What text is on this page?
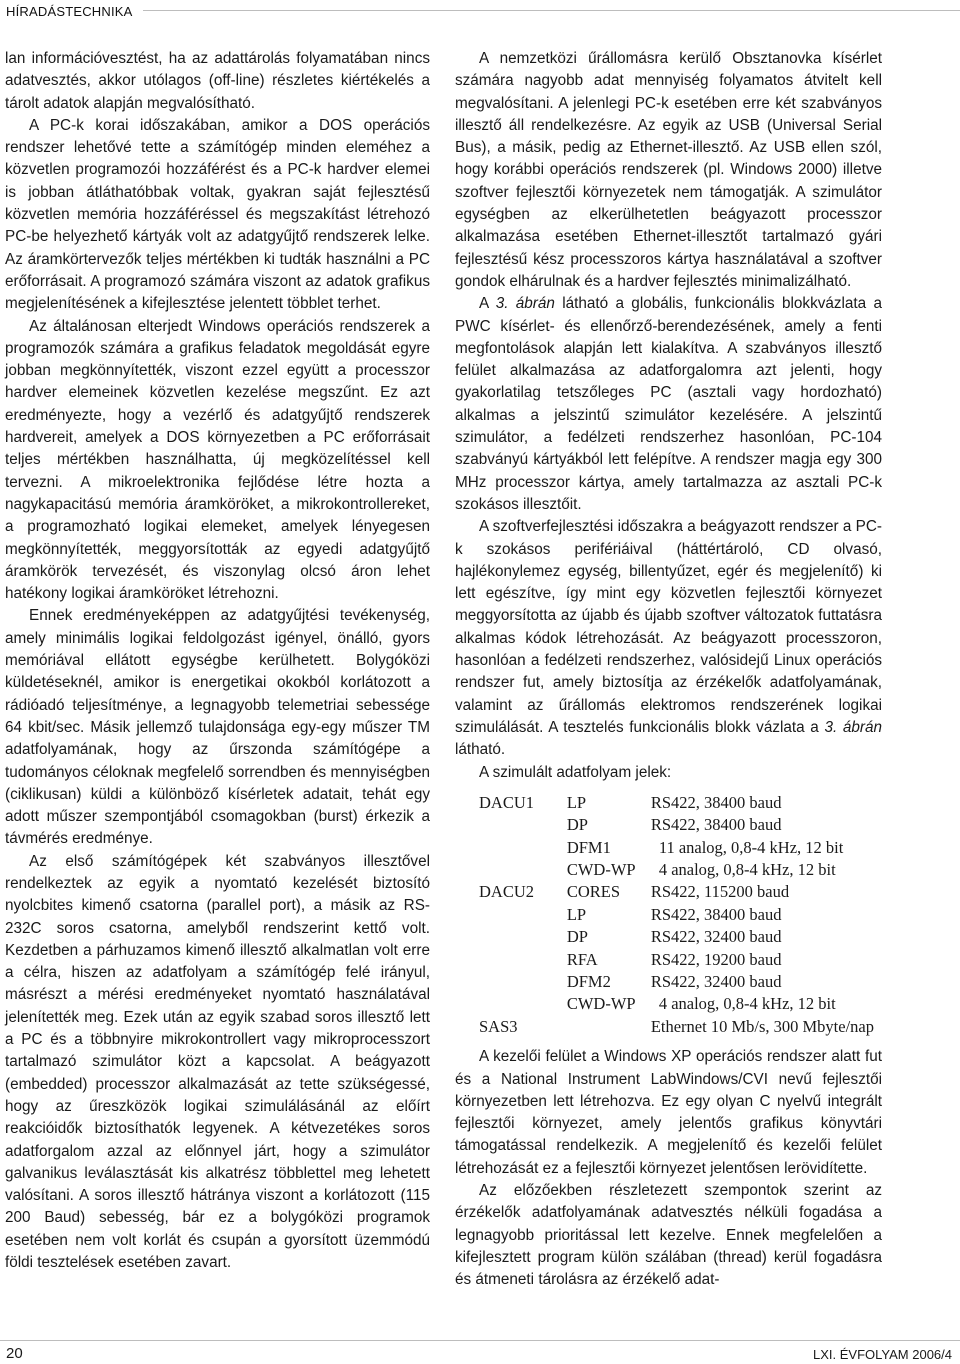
HÍRADÁSTECHNIKA

lan információvesztést, ha az adattárolás folyamatában nincs adatvesztés, akkor utólagos (off-line) részletes kiértékelés a tárolt adatok alapján megvalósítható.

A PC-k korai időszakában, amikor a DOS operációs rendszer lehetővé tette a számítógép minden eleméhez a közvetlen programozói hozzáférést és a PC-k hardver elemei is jobban átláthatóbbak voltak, gyakran saját fejlesztésű közvetlen memória hozzáféréssel és megszakítást létrehozó PC-be helyezhető kártyák volt az adatgyűjtő rendszerek lelke. Az áramkörtervezők teljes mértékben ki tudták használni a PC erőforrásait. A programozó számára viszont az adatok grafikus megjelenítésének a kifejlesztése jelentett többlet terhet.

Az általánosan elterjedt Windows operációs rendszerek a programozók számára a grafikus feladatok megoldását egyre jobban megkönnyítették, viszont ezzel együtt a processzor hardver elemeinek közvetlen kezelése megszűnt. Ez azt eredményezte, hogy a vezérlő és adatgyűjtő rendszerek hardvereit, amelyek a DOS környezetben a PC erőforrásait teljes mértékben használhatta, új megközelítéssel kell tervezni. A mikroelektronika fejlődése létre hozta a nagykapacitású memória áramköröket, a mikrokontrollereket, a programozható logikai elemeket, amelyek lényegesen megkönnyítették, meggyorsították az egyedi adatgyűjtő áramkörök tervezését, és viszonylag olcsó áron lehet hatékony logikai áramköröket létrehozni.

Ennek eredményeképpen az adatgyűjtési tevékenység, amely minimális logikai feldolgozást igényel, önálló, gyors memóriával ellátott egységbe kerülhetett. Bolygóközi küldetéseknél, amikor is energetikai okokból korlátozott a rádióadó teljesítménye, a legnagyobb telemetriai sebessége 64 kbit/sec. Másik jellemző tulajdonsága egy-egy műszer TM adatfolyamának, hogy az űrszonda számítógépe a tudományos céloknak megfelelő sorrendben és mennyiségben (ciklikusan) küldi a különböző kísérletek adatait, tehát egy adott műszer szempontjából csomagokban (burst) érkezik a távmérés eredménye.

Az első számítógépek két szabványos illesztővel rendelkeztek az egyik a nyomtató kezelését biztosító nyolcbites kimenő csatorna (parallel port), a másik az RS-232C soros csatorna, amelyből rendszerint kettő volt. Kezdetben a párhuzamos kimenő illesztő alkalmatlan volt erre a célra, hiszen az adatfolyam a számítógép felé irányul, másrészt a mérési eredményeket nyomtató használatával jelenítették meg. Ezek után az egyik szabad soros illesztő lett a PC és a többnyire mikrokontrollert vagy mikroprocesszort tartalmazó szimulátor közt a kapcsolat. A beágyazott (embedded) processzor alkalmazását az tette szükségessé, hogy az űreszközök logikai szimulálásánál az előírt reakcióidők biztosíthatók legyenek. A kétvezetékes soros adatforgalom azzal az előnnyel járt, hogy a szimulátor galvanikus leválasztását kis alkatrész többlettel meg lehetett valósítani. A soros illesztő hátránya viszont a korlátozott (115 200 Baud) sebesség, bár ez a bolygóközi programok esetében nem volt korlát és csupán a gyorsított üzemmódú földi tesztelések esetében zavart.

A nemzetközi űrállomásra kerülő Obsztanovka kísérlet számára nagyobb adat mennyiség folyamatos átvitelt kell megvalósítani. A jelenlegi PC-k esetében erre két szabványos illesztő áll rendelkezésre. Az egyik az USB (Universal Serial Bus), a másik, pedig az Ethernet-illesztő. Az USB ellen szól, hogy korábbi operációs rendszerek (pl. Windows 2000) illetve szoftver fejlesztői környezetek nem támogatják. A szimulátor egységben az elkerülhetetlen beágyazott processzor alkalmazása esetében Ethernet-illesztőt tartalmazó gyári fejlesztésű kész processzoros kártya használatával a szoftver gondok elhárulnak és a hardver fejlesztés minimalizálható.

A 3. ábrán látható a globális, funkcionális blokkvázlata a PWC kísérlet- és ellenőrző-berendezésének, amely a fenti megfontolások alapján lett kialakítva. A szabványos illesztő felület alkalmazása az adatforgalomra azt jelenti, hogy gyakorlatilag tetszőleges PC (asztali vagy hordozható) alkalmas a jelszintű szimulátor kezelésére. A jelszintű szimulátor, a fedélzeti rendszerhez hasonlóan, PC-104 szabványú kártyákból lett felépítve. A rendszer magja egy 300 MHz processzor kártya, amely tartalmazza az asztali PC-k szokásos illesztőit.

A szoftverfejlesztési időszakra a beágyazott rendszer a PC-k szokásos perifériáival (háttértároló, CD olvasó, hajlékonylemez egység, billentyűzet, egér és megjelenítő) ki lett egészítve, így mint egy közvetlen fejlesztői környezet meggyorsította az újabb és újabb szoftver változatok futtatásra alkalmas kódok létrehozását. Az beágyazott processzoron, hasonlóan a fedélzeti rendszerhez, valósidejű Linux operációs rendszer fut, amely biztosítja az érzékelők adatfolyamának, valamint az űrállomás elektromos rendszerének logikai szimulálását. A tesztelés funkcionális blokk vázlata a 3. ábrán látható.

A szimulált adatfolyam jelek:

DACU1	LP	RS422, 38400 baud
	DP	RS422, 38400 baud
	DFM1	11 analog, 0,8-4 kHz, 12 bit
	CWD-WP	4 analog, 0,8-4 kHz, 12 bit
DACU2	CORES	RS422, 115200 baud
	LP	RS422, 38400 baud
	DP	RS422, 32400 baud
	RFA	RS422, 19200 baud
	DFM2	RS422, 32400 baud
	CWD-WP	4 analog, 0,8-4 kHz, 12 bit
SAS3		Ethernet 10 Mb/s, 300 Mbyte/nap

A kezelői felület a Windows XP operációs rendszer alatt fut és a National Instrument LabWindows/CVI nevű fejlesztői környezetben lett létrehozva. Ez egy olyan C nyelvű integrált fejlesztői környezet, amely jelentős grafikus könyvtári támogatással rendelkezik. A megjelenítő és kezelői felület létrehozását ez a fejlesztői környezet jelentősen lerövidítette.

Az előzőekben részletezett szempontok szerint az érzékelők adatfolyamának adatvesztés nélküli fogadása a legnagyobb prioritással lett kezelve. Ennek megfelelően a kifejlesztett program külön szálában (thread) kerül fogadásra és átmeneti tárolásra az érzékelő adat-

20	LXI. ÉVFOLYAM 2006/4
